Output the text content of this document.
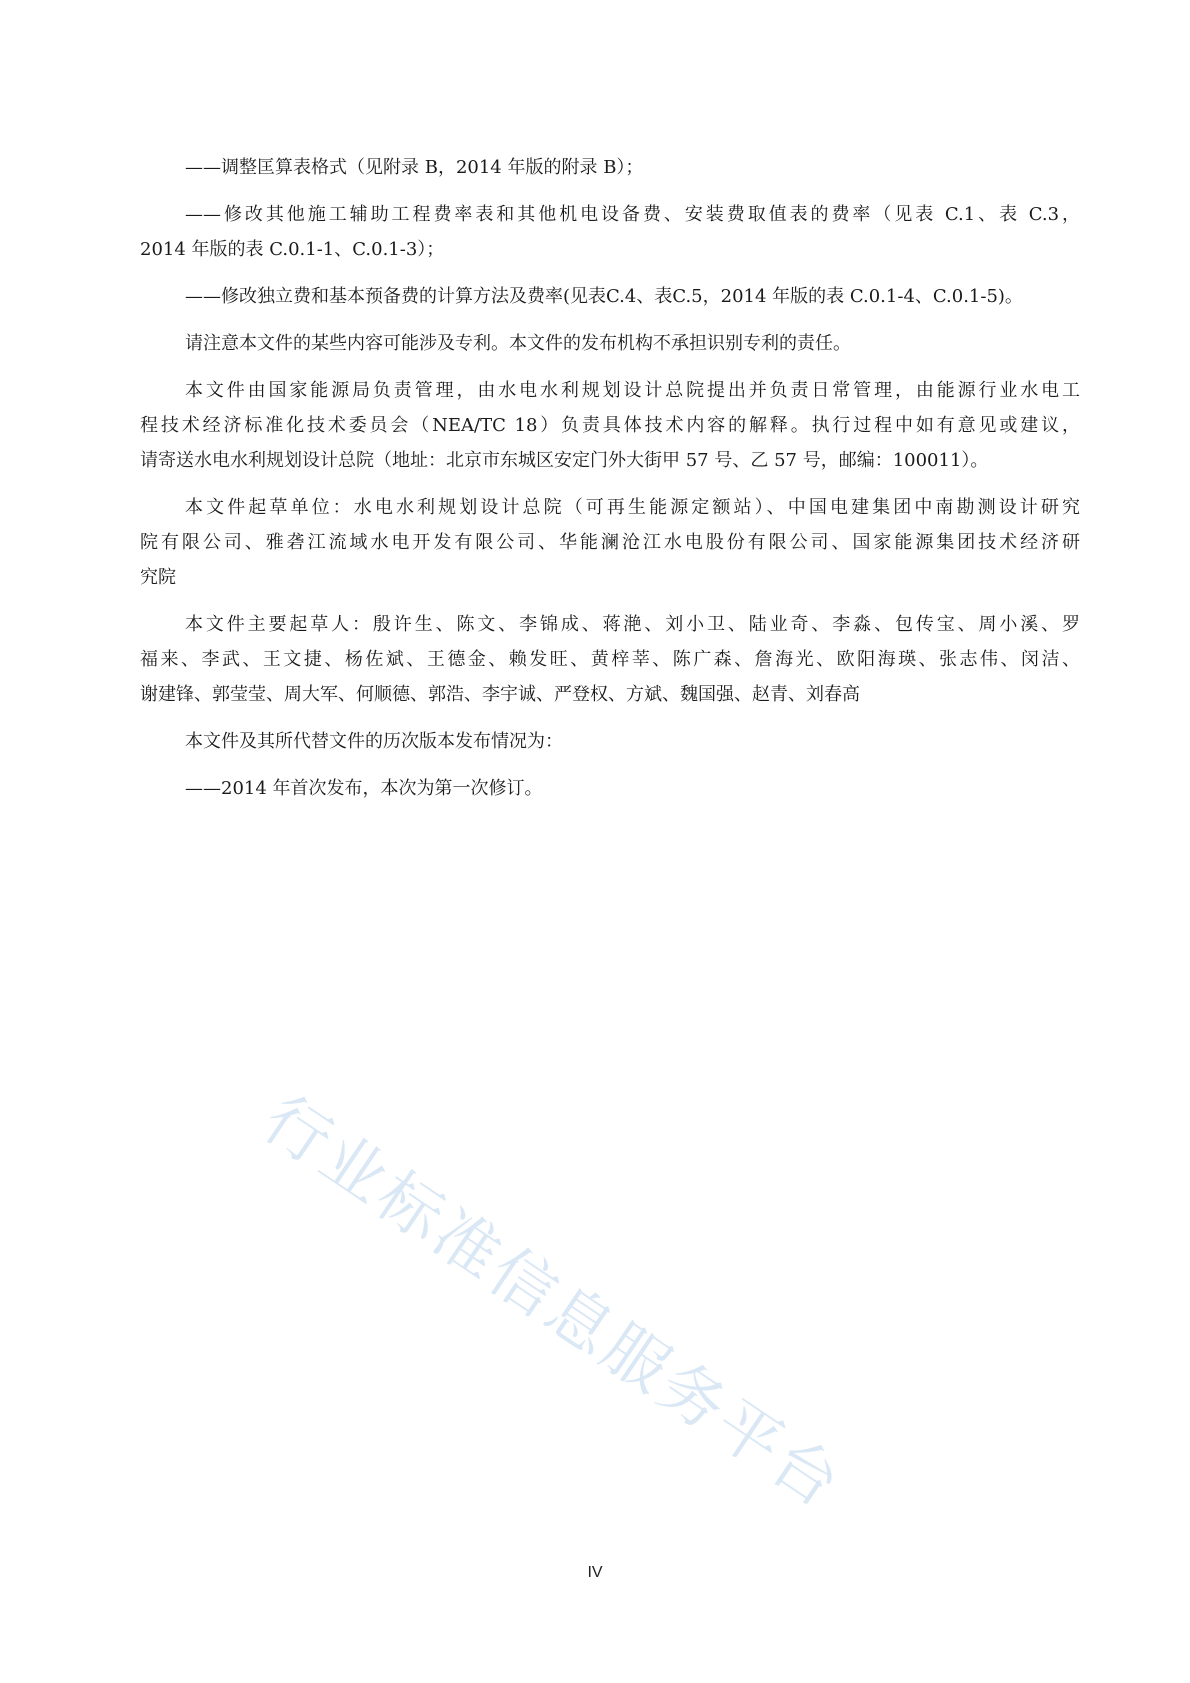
——调整匡算表格式（见附录 B，2014 年版的附录 B）；
——修改其他施工辅助工程费率表和其他机电设备费、安装费取值表的费率（见表 C.1、表 C.3，
2014 年版的表 C.0.1-1、C.0.1-3）；
——修改独立费和基本预备费的计算方法及费率(见表C.4、表C.5，2014 年版的表 C.0.1-4、C.0.1-5)。
请注意本文件的某些内容可能涉及专利。本文件的发布机构不承担识别专利的责任。
本文件由国家能源局负责管理，由水电水利规划设计总院提出并负责日常管理，由能源行业水电工
程技术经济标准化技术委员会（NEA/TC 18）负责具体技术内容的解释。执行过程中如有意见或建议，
请寄送水电水利规划设计总院（地址：北京市东城区安定门外大街甲 57 号、乙 57 号，邮编：100011）。
本文件起草单位：水电水利规划设计总院（可再生能源定额站）、中国电建集团中南勘测设计研究
院有限公司、雅砻江流域水电开发有限公司、华能澜沧江水电股份有限公司、国家能源集团技术经济研
究院
本文件主要起草人：殷许生、陈文、李锦成、蒋滟、刘小卫、陆业奇、李淼、包传宝、周小溪、罗
福来、李武、王文捷、杨佐斌、王德金、赖发旺、黄梓莘、陈广森、詹海光、欧阳海瑛、张志伟、闵洁、
谢建锋、郭莹莹、周大军、何顺德、郭浩、李宇诚、严登权、方斌、魏国强、赵青、刘春高
本文件及其所代替文件的历次版本发布情况为：
——2014 年首次发布，本次为第一次修订。
行业标准信息服务平台
IV
